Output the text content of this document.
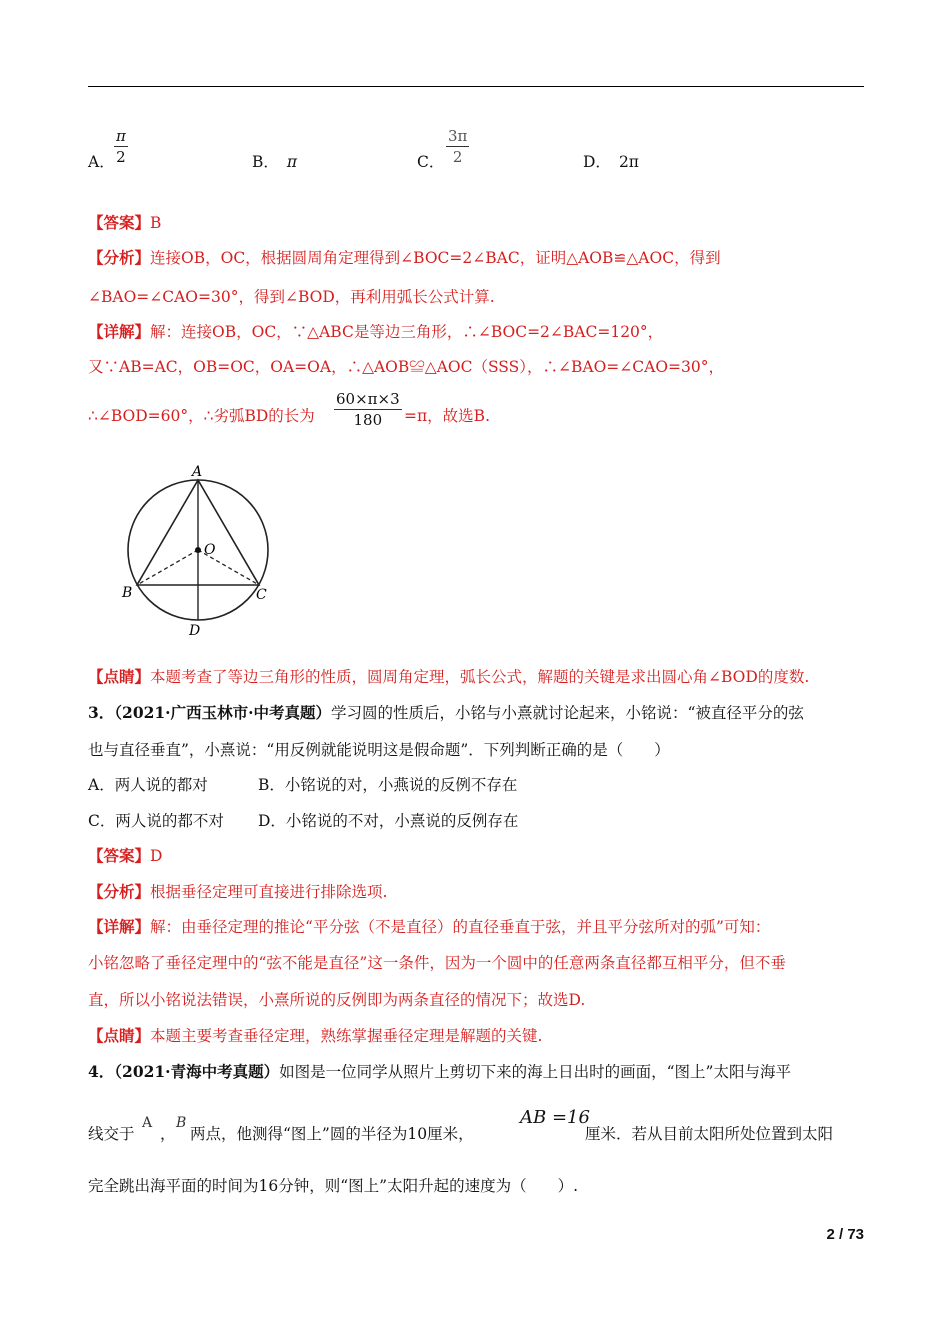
A． $\frac{\pi}{2}$	B． π	C． $\frac{3\pi}{2}$	D． 2π
【答案】B
【分析】连接OB，OC，根据圆周角定理得到∠BOC=2∠BAC，证明△AOB≌△AOC，得到
∠BAO=∠CAO=30°，得到∠BOD，再利用弧长公式计算.
【详解】解：连接OB，OC，∵△ABC是等边三角形，∴∠BOC=2∠BAC=120°，
又∵AB=AC，OB=OC，OA=OA，∴△AOB≌△AOC（SSS），∴∠BAO=∠CAO=30°，
∴∠BOD=60°，∴劣弧BD的长为 $\frac{60\times\pi\times 3}{180} =\pi$，故选B.
A
O
B	C
D
【点睛】本题考查了等边三角形的性质，圆周角定理，弧长公式，解题的关键是求出圆心角∠BOD的度数.
3．（2021·广西玉林市·中考真题）学习圆的性质后，小铭与小熹就讨论起来，小铭说：“被直径平分的弦
也与直径垂直”，小熹说：“用反例就能说明这是假命题”．下列判断正确的是（　　）
A．两人说的都对	B．小铭说的对，小燕说的反例不存在
C．两人说的都不对 D．小铭说的不对，小熹说的反例存在
【答案】D
【分析】根据垂径定理可直接进行排除选项.
【详解】解：由垂径定理的推论“平分弦（不是直径）的直径垂直于弦，并且平分弦所对的弧”可知：
小铭忽略了垂径定理中的“弦不能是直径”这一条件，因为一个圆中的任意两条直径都互相平分，但不垂
直，所以小铭说法错误，小熹所说的反例即为两条直径的情况下；故选D.
【点睛】本题主要考查垂径定理，熟练掌握垂径定理是解题的关键.
4．（2021·青海中考真题）如图是一位同学从照片上剪切下来的海上日出时的画面，“图上”太阳与海平
线交于
A
，
B
两点，他测得“图上”圆的半径为10厘米，
AB =16
厘米．若从目前太阳所处位置到太阳
完全跳出海平面的时间为16分钟，则“图上”太阳升起的速度为（　　）.
2 / 73
